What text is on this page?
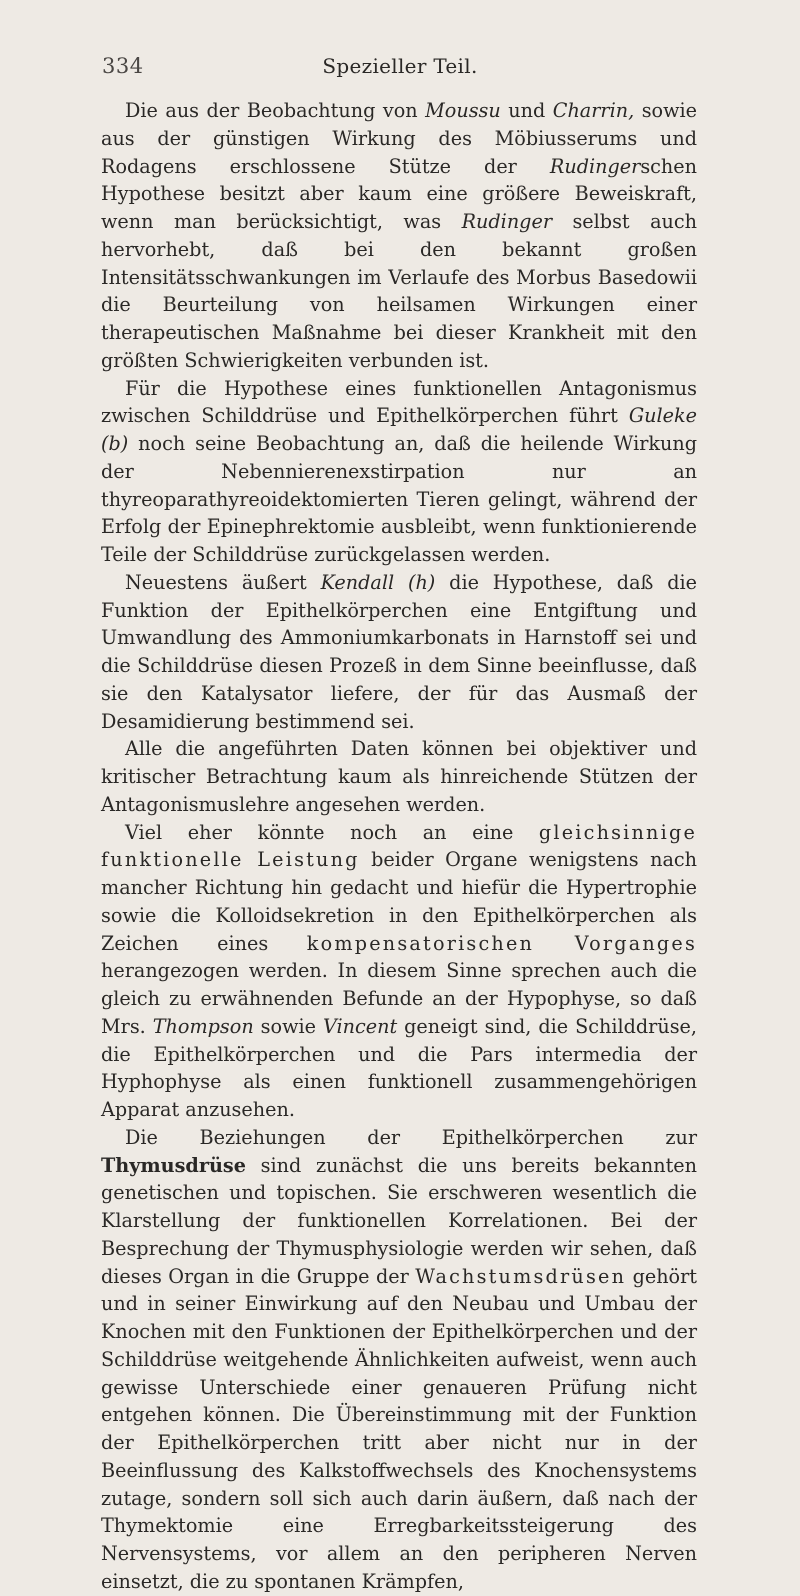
334	Spezieller Teil.

Die aus der Beobachtung von Moussu und Charrin, sowie aus der günstigen Wirkung des Möbiusserums und Rodagens erschlossene Stütze der Rudingerschen Hypothese besitzt aber kaum eine größere Beweiskraft, wenn man berücksichtigt, was Rudinger selbst auch hervorhebt, daß bei den bekannt großen Intensitätsschwankungen im Verlaufe des Morbus Basedowii die Beurteilung von heilsamen Wirkungen einer therapeutischen Maßnahme bei dieser Krankheit mit den größten Schwierigkeiten verbunden ist.

Für die Hypothese eines funktionellen Antagonismus zwischen Schilddrüse und Epithelkörperchen führt Guleke (b) noch seine Beobachtung an, daß die heilende Wirkung der Nebennierenexstirpation nur an thyreoparathyreoidektomierten Tieren gelingt, während der Erfolg der Epinephrektomie ausbleibt, wenn funktionierende Teile der Schilddrüse zurückgelassen werden.

Neuestens äußert Kendall (h) die Hypothese, daß die Funktion der Epithelkörperchen eine Entgiftung und Umwandlung des Ammoniumkarbonats in Harnstoff sei und die Schilddrüse diesen Prozeß in dem Sinne beeinflusse, daß sie den Katalysator liefere, der für das Ausmaß der Desamidierung bestimmend sei.

Alle die angeführten Daten können bei objektiver und kritischer Betrachtung kaum als hinreichende Stützen der Antagonismuslehre angesehen werden.

Viel eher könnte noch an eine gleichsinnige funktionelle Leistung beider Organe wenigstens nach mancher Richtung hin gedacht und hiefür die Hypertrophie sowie die Kolloidsekretion in den Epithelkörperchen als Zeichen eines kompensatorischen Vorganges herangezogen werden. In diesem Sinne sprechen auch die gleich zu erwähnenden Befunde an der Hypophyse, so daß Mrs. Thompson sowie Vincent geneigt sind, die Schilddrüse, die Epithelkörperchen und die Pars intermedia der Hyphophyse als einen funktionell zusammengehörigen Apparat anzusehen.

Die Beziehungen der Epithelkörperchen zur Thymusdrüse sind zunächst die uns bereits bekannten genetischen und topischen. Sie erschweren wesentlich die Klarstellung der funktionellen Korrelationen. Bei der Besprechung der Thymusphysiologie werden wir sehen, daß dieses Organ in die Gruppe der Wachstumsdrüsen gehört und in seiner Einwirkung auf den Neubau und Umbau der Knochen mit den Funktionen der Epithelkörperchen und der Schilddrüse weitgehende Ähnlichkeiten aufweist, wenn auch gewisse Unterschiede einer genaueren Prüfung nicht entgehen können. Die Übereinstimmung mit der Funktion der Epithelkörperchen tritt aber nicht nur in der Beeinflussung des Kalkstoffwechsels des Knochensystems zutage, sondern soll sich auch darin äußern, daß nach der Thymektomie eine Erregbarkeitssteigerung des Nervensystems, vor allem an den peripheren Nerven einsetzt, die zu spontanen Krämpfen,
